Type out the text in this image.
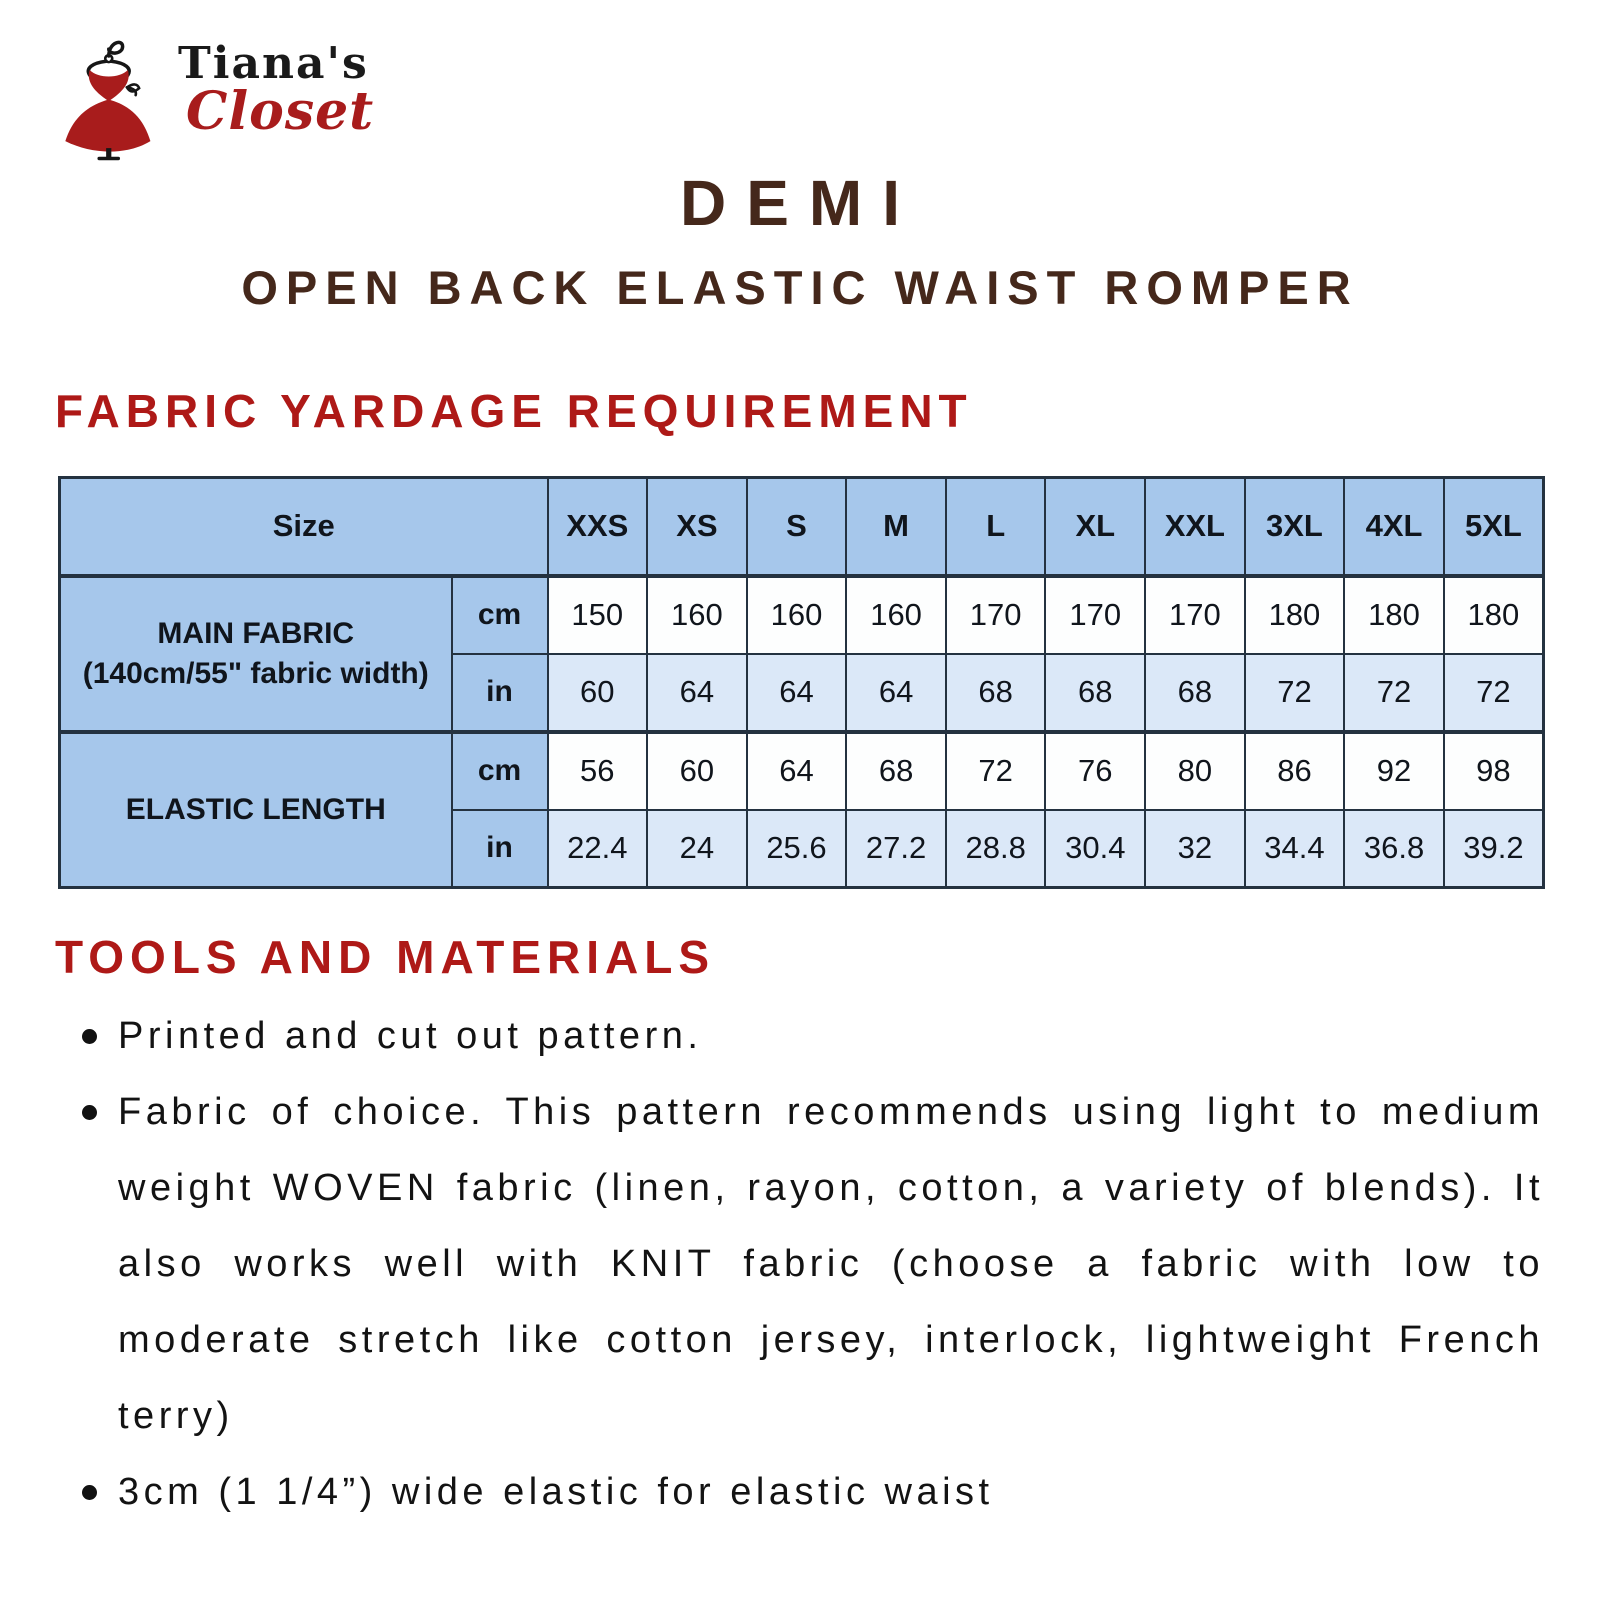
Tiana's
Closet
DEMI
OPEN BACK ELASTIC WAIST ROMPER
FABRIC YARDAGE REQUIREMENT
Size		XXS	XS	S	M	L	XL	XXL	3XL	4XL	5XL

MAIN FABRIC
(140cm/55" fabric width)	cm	150	160	160	160	170	170	170	180	180	180
	in	60	64	64	64	68	68	68	72	72	72
ELASTIC LENGTH	cm	56	60	64	68	72	76	80	86	92	98
	in	22.4	24	25.6	27.2	28.8	30.4	32	34.4	36.8	39.2
TOOLS AND MATERIALS
Printed and cut out pattern.
Fabric of choice. This pattern recommends using light to medium weight WOVEN fabric (linen, rayon, cotton, a variety of blends). It also works well with KNIT fabric (choose a fabric with low to moderate stretch like cotton jersey, interlock, lightweight French terry)
3cm (1 1/4”) wide elastic for elastic waist
